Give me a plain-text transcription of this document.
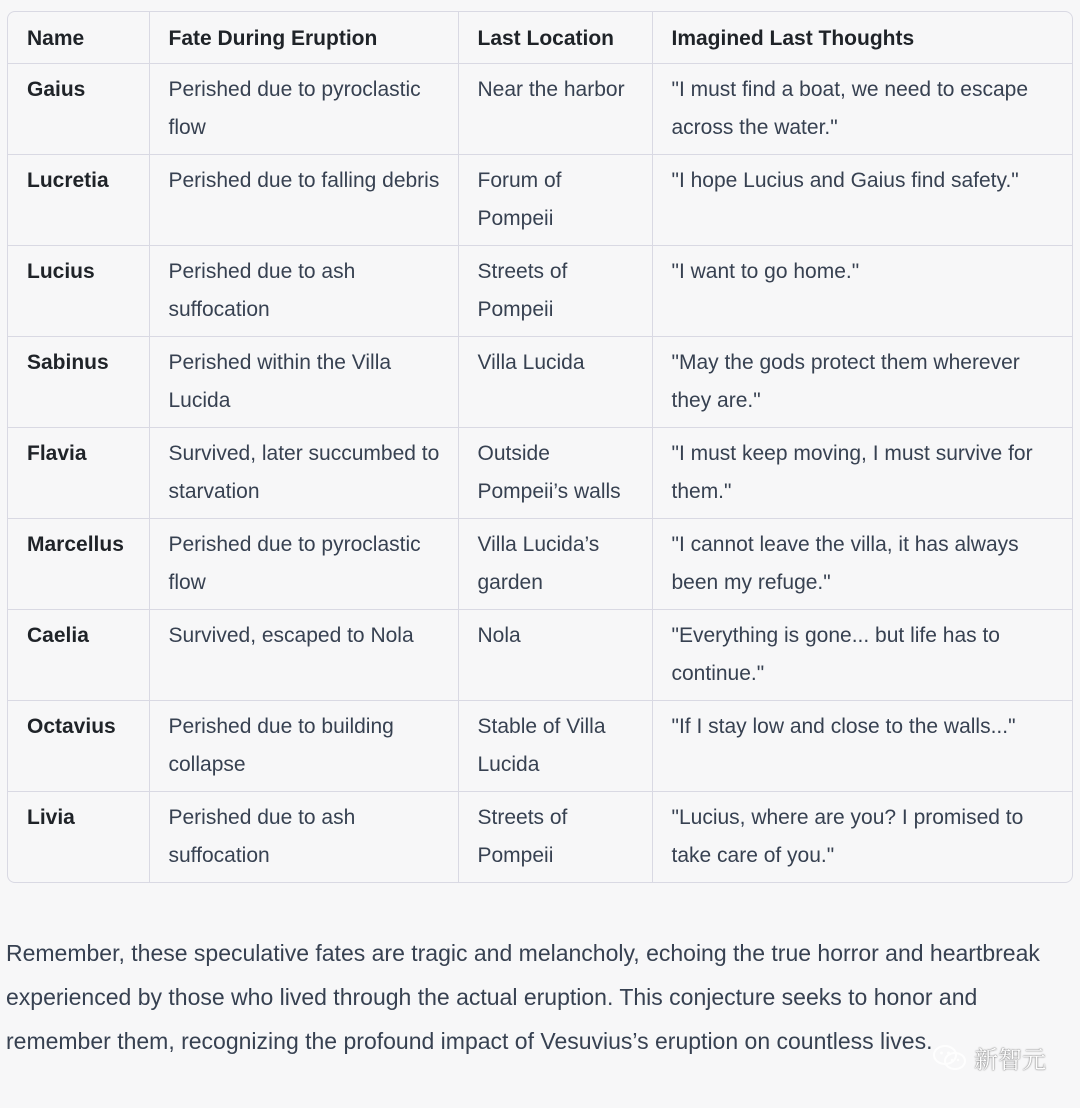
Name	Fate During Eruption	Last Location	Imagined Last Thoughts
Gaius	Perished due to pyroclastic flow	Near the harbor	"I must find a boat, we need to escape across the water."
Lucretia	Perished due to falling debris	Forum of Pompeii	"I hope Lucius and Gaius find safety."
Lucius	Perished due to ash suffocation	Streets of Pompeii	"I want to go home."
Sabinus	Perished within the Villa Lucida	Villa Lucida	"May the gods protect them wherever they are."
Flavia	Survived, later succumbed to starvation	Outside Pompeii’s walls	"I must keep moving, I must survive for them."
Marcellus	Perished due to pyroclastic flow	Villa Lucida’s garden	"I cannot leave the villa, it has always been my refuge."
Caelia	Survived, escaped to Nola	Nola	"Everything is gone... but life has to continue."
Octavius	Perished due to building collapse	Stable of Villa Lucida	"If I stay low and close to the walls..."
Livia	Perished due to ash suffocation	Streets of Pompeii	"Lucius, where are you? I promised to take care of you."

Remember, these speculative fates are tragic and melancholy, echoing the true horror and heartbreak experienced by those who lived through the actual eruption. This conjecture seeks to honor and remember them, recognizing the profound impact of Vesuvius’s eruption on countless lives.

新智元
